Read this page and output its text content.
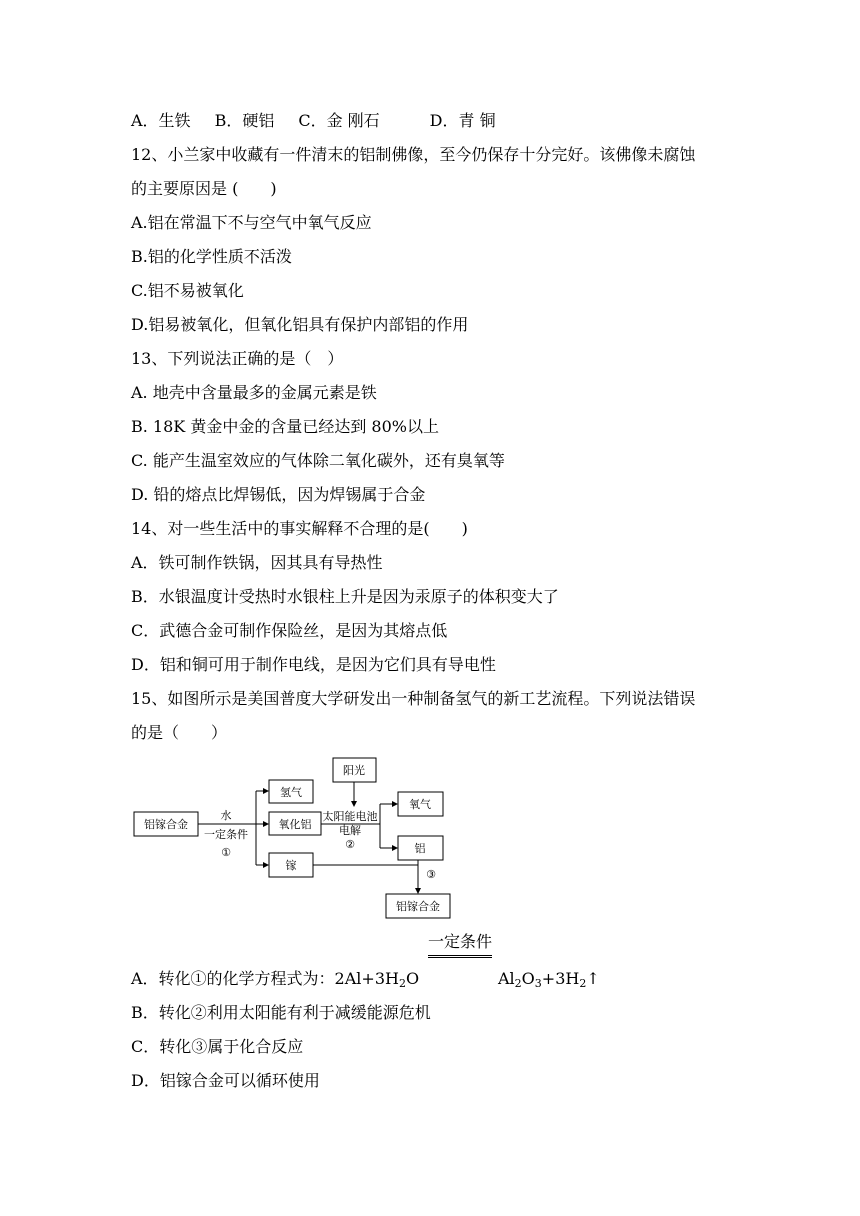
A．生铁 B．硬铝 C．金 刚石	D．青 铜
12、小兰家中收藏有一件清末的铝制佛像，至今仍保存十分完好。该佛像未腐蚀
的主要原因是 (　　)
A.铝在常温下不与空气中氧气反应
B.铝的化学性质不活泼
C.铝不易被氧化
D.铝易被氧化，但氧化铝具有保护内部铝的作用
13、下列说法正确的是（　）
A. 地壳中含量最多的金属元素是铁
B. 18K 黄金中金的含量已经达到 80%以上
C. 能产生温室效应的气体除二氧化碳外，还有臭氧等
D. 铅的熔点比焊锡低，因为焊锡属于合金
14、对一些生活中的事实解释不合理的是(　　)
A．铁可制作铁锅，因其具有导热性
B．水银温度计受热时水银柱上升是因为汞原子的体积变大了
C．武德合金可制作保险丝，是因为其熔点低
D．铝和铜可用于制作电线，是因为它们具有导电性
15、如图所示是美国普度大学研发出一种制备氢气的新工艺流程。下列说法错误
的是（　　）
铝镓合金
水
一定条件
①
氢气
氧化铝
镓
阳光
太阳能电池
电解
②
氧气
铝
③
铝镓合金
一定条件
A．转化①的化学方程式为：$2Al+3H_2O$	$Al_2O_3+3H_2↑$
B．转化②利用太阳能有利于减缓能源危机
C．转化③属于化合反应
D．铝镓合金可以循环使用
